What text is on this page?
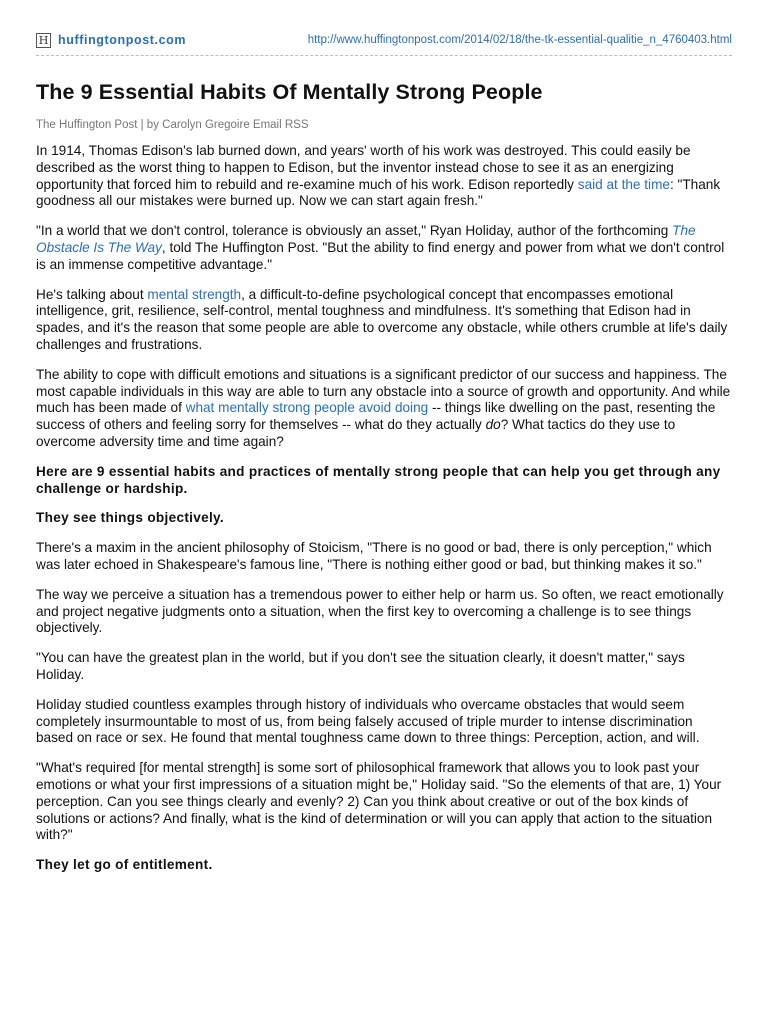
H huffingtonpost.com	http://www.huffingtonpost.com/2014/02/18/the-tk-essential-qualitie_n_4760403.html
The 9 Essential Habits Of Mentally Strong People
The Huffington Post | by Carolyn Gregoire Email RSS

In 1914, Thomas Edison's lab burned down, and years' worth of his work was destroyed. This could easily be described as the worst thing to happen to Edison, but the inventor instead chose to see it as an energizing opportunity that forced him to rebuild and re-examine much of his work. Edison reportedly said at the time: "Thank goodness all our mistakes were burned up. Now we can start again fresh."

"In a world that we don't control, tolerance is obviously an asset," Ryan Holiday, author of the forthcoming The Obstacle Is The Way, told The Huffington Post. "But the ability to find energy and power from what we don't control is an immense competitive advantage."

He's talking about mental strength, a difficult-to-define psychological concept that encompasses emotional intelligence, grit, resilience, self-control, mental toughness and mindfulness. It's something that Edison had in spades, and it's the reason that some people are able to overcome any obstacle, while others crumble at life's daily challenges and frustrations.

The ability to cope with difficult emotions and situations is a significant predictor of our success and happiness. The most capable individuals in this way are able to turn any obstacle into a source of growth and opportunity. And while much has been made of what mentally strong people avoid doing -- things like dwelling on the past, resenting the success of others and feeling sorry for themselves -- what do they actually do? What tactics do they use to overcome adversity time and time again?

Here are 9 essential habits and practices of mentally strong people that can help you get through any challenge or hardship.

They see things objectively.

There's a maxim in the ancient philosophy of Stoicism, "There is no good or bad, there is only perception," which was later echoed in Shakespeare's famous line, "There is nothing either good or bad, but thinking makes it so."

The way we perceive a situation has a tremendous power to either help or harm us. So often, we react emotionally and project negative judgments onto a situation, when the first key to overcoming a challenge is to see things objectively.

"You can have the greatest plan in the world, but if you don't see the situation clearly, it doesn't matter," says Holiday.

Holiday studied countless examples through history of individuals who overcame obstacles that would seem completely insurmountable to most of us, from being falsely accused of triple murder to intense discrimination based on race or sex. He found that mental toughness came down to three things: Perception, action, and will.

"What's required [for mental strength] is some sort of philosophical framework that allows you to look past your emotions or what your first impressions of a situation might be," Holiday said. "So the elements of that are, 1) Your perception. Can you see things clearly and evenly? 2) Can you think about creative or out of the box kinds of solutions or actions? And finally, what is the kind of determination or will you can apply that action to the situation with?"

They let go of entitlement.
